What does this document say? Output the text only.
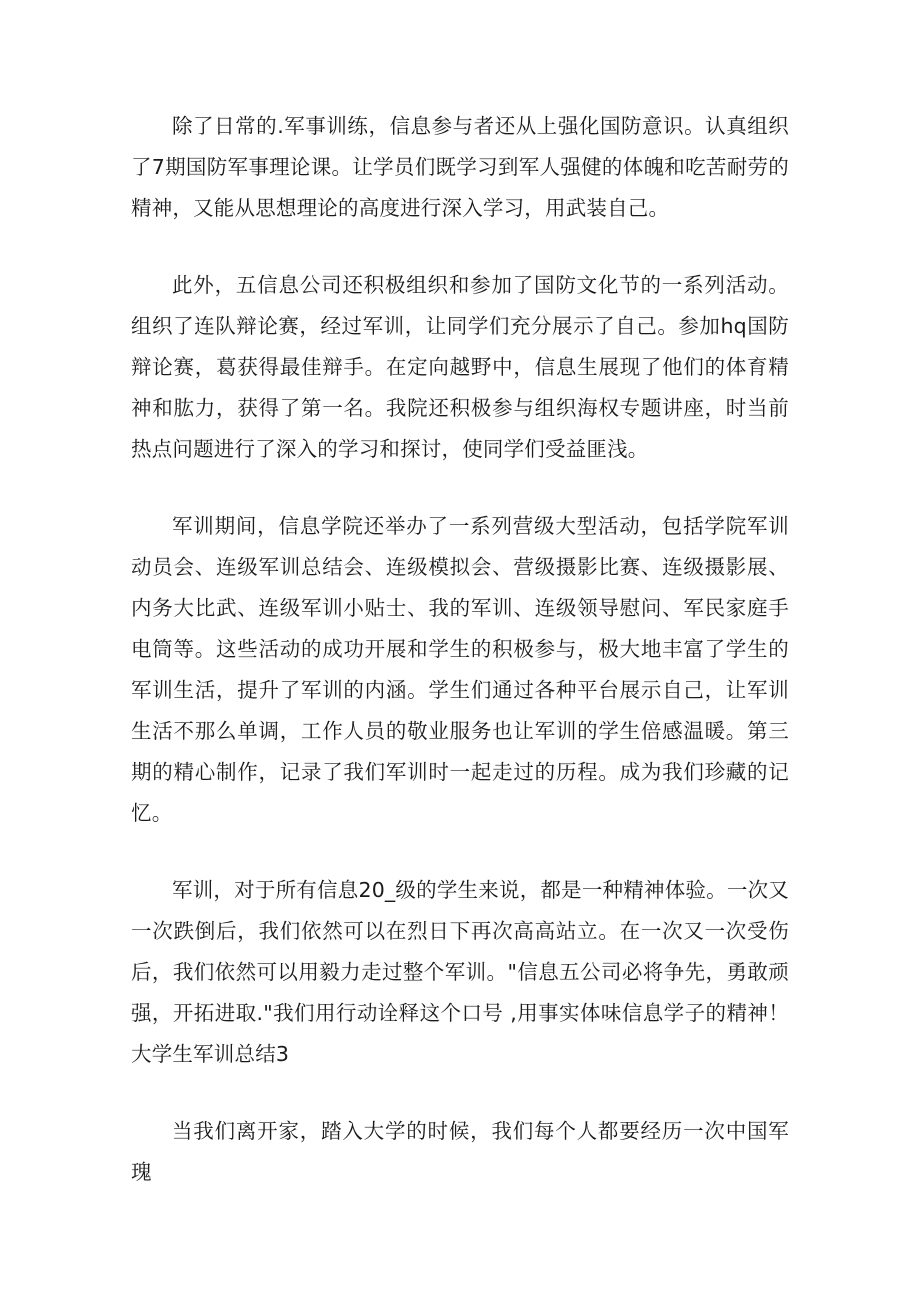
除了日常的.军事训练，信息参与者还从上强化国防意识。认真组织了7期国防军事理论课。让学员们既学习到军人强健的体魄和吃苦耐劳的精神，又能从思想理论的高度进行深入学习，用武装自己。

此外，五信息公司还积极组织和参加了国防文化节的一系列活动。组织了连队辩论赛，经过军训，让同学们充分展示了自己。参加hq国防辩论赛，葛获得最佳辩手。在定向越野中，信息生展现了他们的体育精神和肱力，获得了第一名。我院还积极参与组织海权专题讲座，时当前热点问题进行了深入的学习和探讨，使同学们受益匪浅。

军训期间，信息学院还举办了一系列营级大型活动，包括学院军训动员会、连级军训总结会、连级模拟会、营级摄影比赛、连级摄影展、内务大比武、连级军训小贴士、我的军训、连级领导慰问、军民家庭手电筒等。这些活动的成功开展和学生的积极参与，极大地丰富了学生的军训生活，提升了军训的内涵。学生们通过各种平台展示自己，让军训生活不那么单调，工作人员的敬业服务也让军训的学生倍感温暖。第三期的精心制作，记录了我们军训时一起走过的历程。成为我们珍藏的记忆。

军训，对于所有信息20_级的学生来说，都是一种精神体验。一次又一次跌倒后，我们依然可以在烈日下再次高高站立。在一次又一次受伤后，我们依然可以用毅力走过整个军训。"信息五公司必将争先，勇敢顽强，开拓进取."我们用行动诠释这个口号 ,用事实体味信息学子的精神！大学生军训总结3

当我们离开家，踏入大学的时候，我们每个人都要经历一次中国军瑰
